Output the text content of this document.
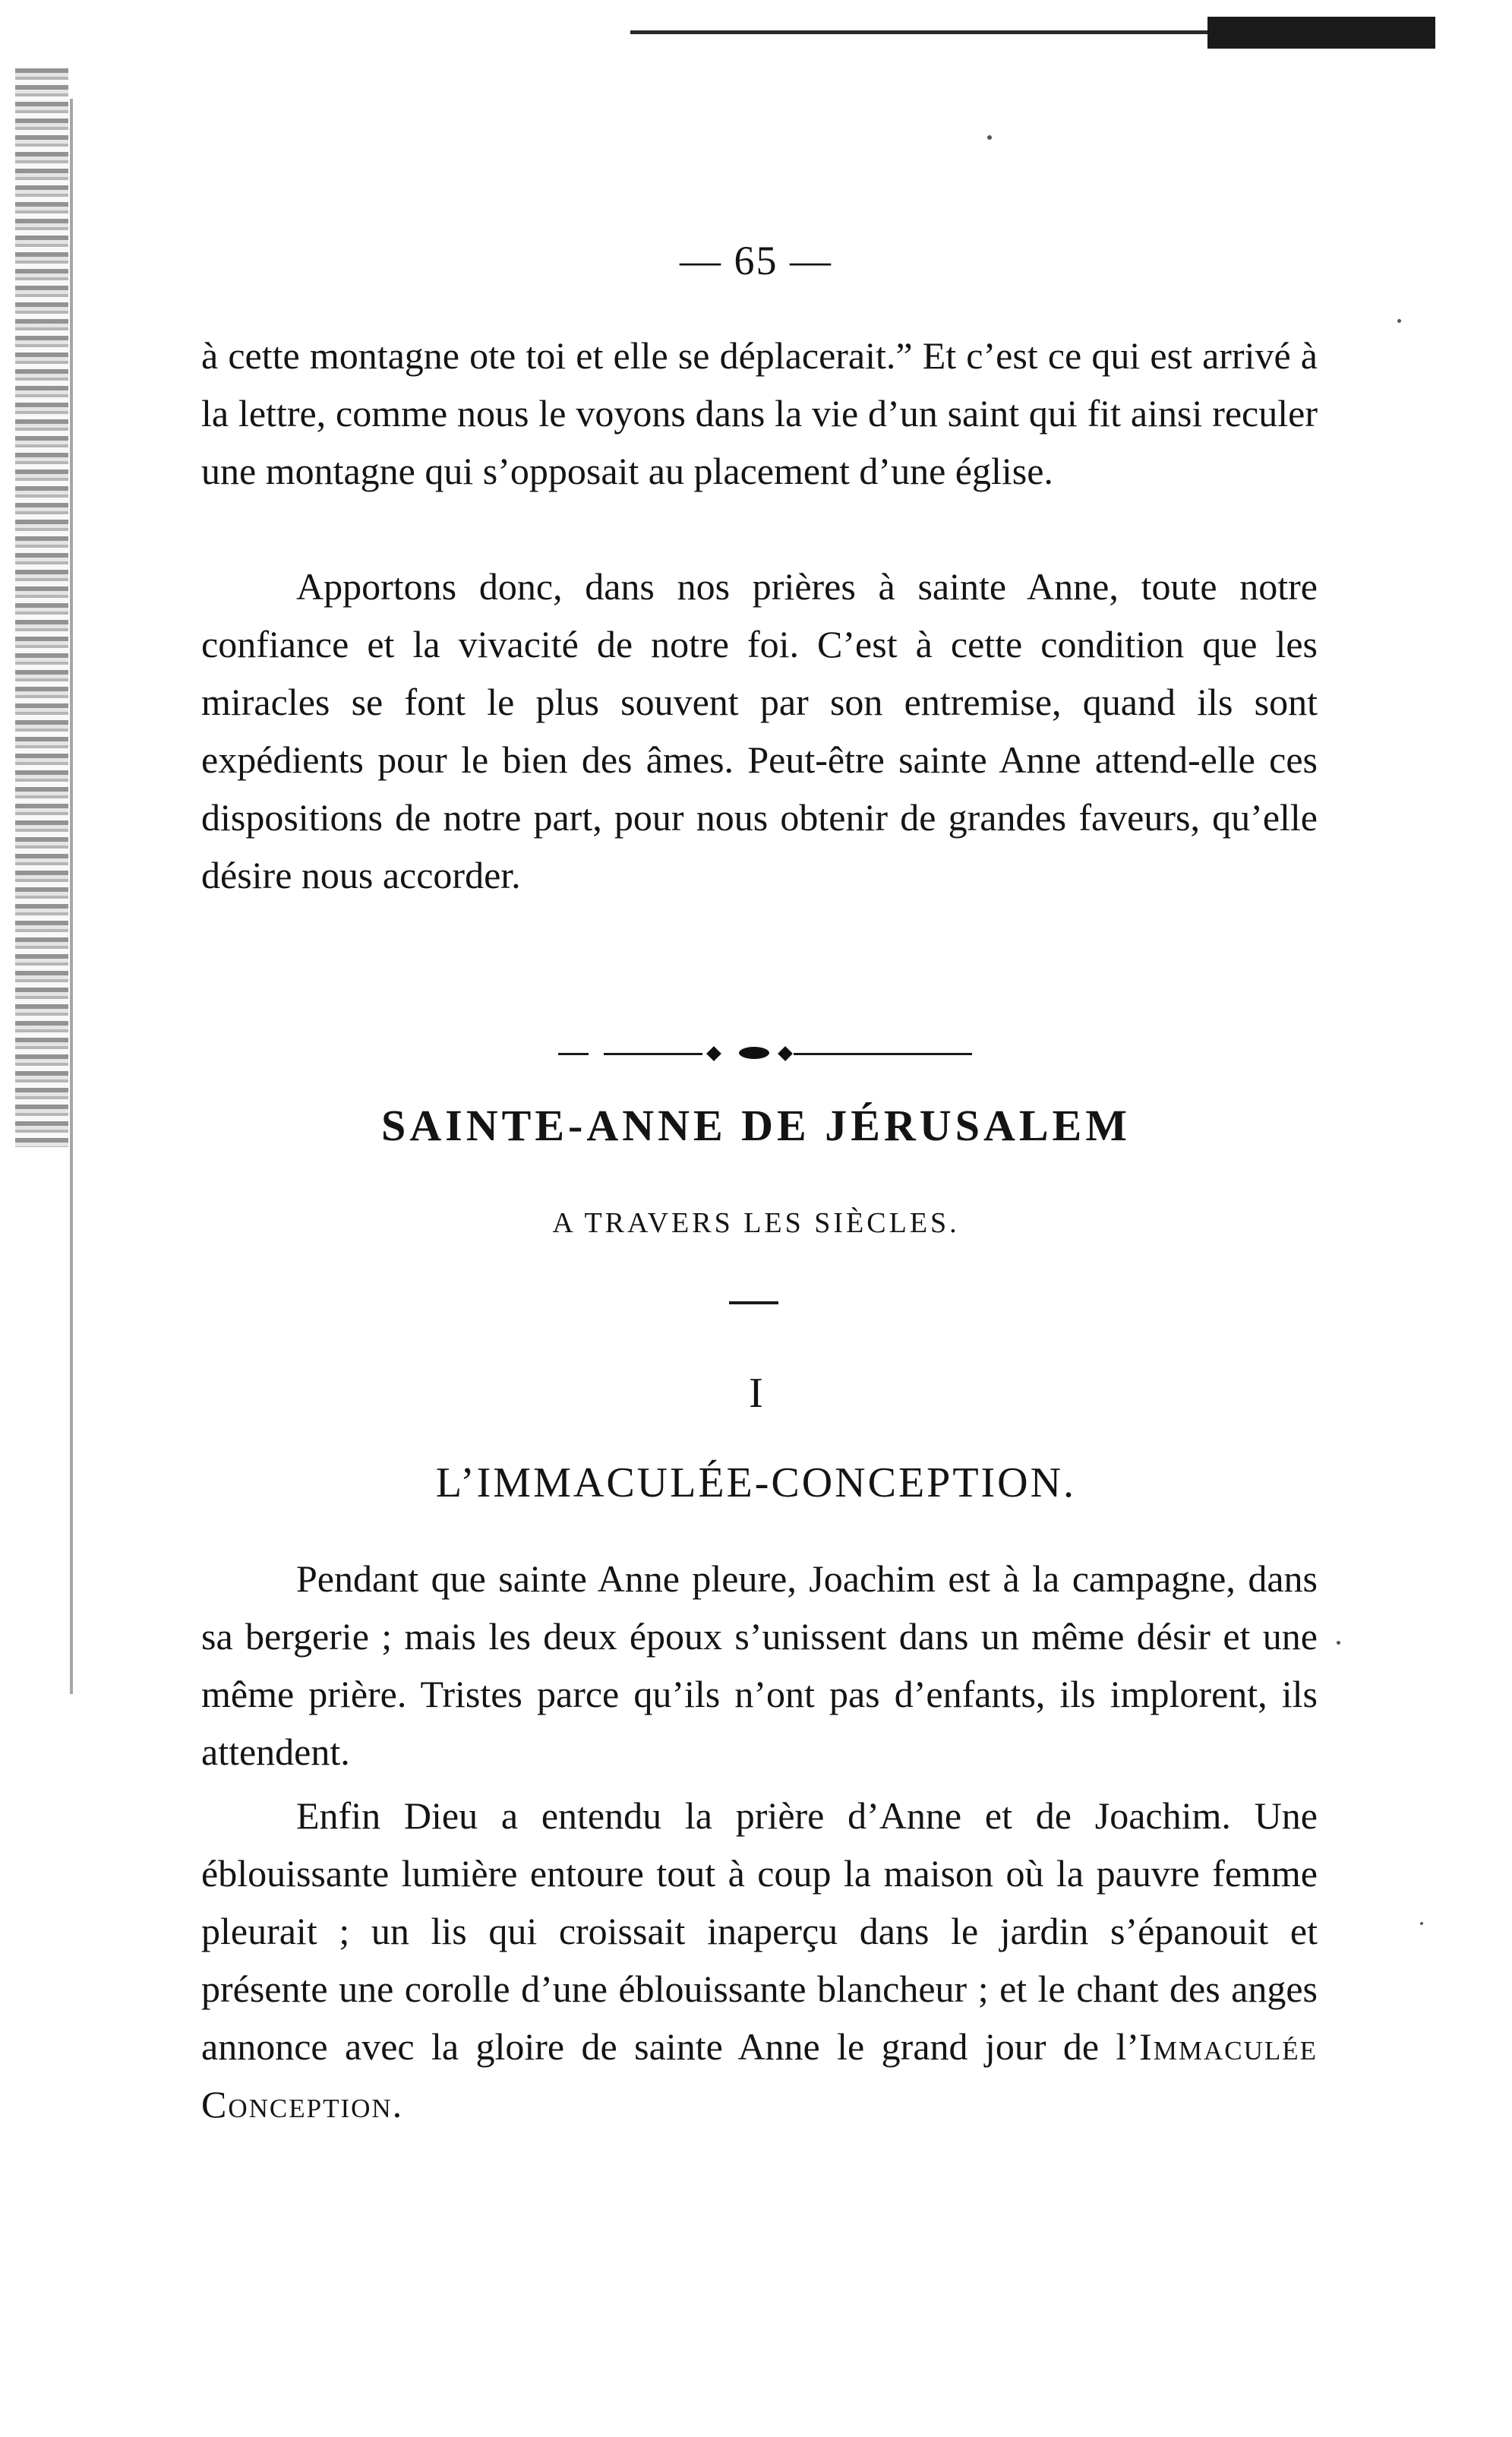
— 65 —

à cette montagne ote toi et elle se déplacerait.” Et c’est ce qui est arrivé à la lettre, comme nous le voyons dans la vie d’un saint qui fit ainsi reculer une montagne qui s’opposait au placement d’une église.

Apportons donc, dans nos prières à sainte Anne, toute notre confiance et la vivacité de notre foi. C’est à cette condition que les miracles se font le plus souvent par son entremise, quand ils sont expédients pour le bien des âmes. Peut-être sainte Anne attend-elle ces dispositions de notre part, pour nous obtenir de grandes faveurs, qu’elle désire nous accorder.

SAINTE-ANNE DE JÉRUSALEM

A TRAVERS LES SIÈCLES.

I

L’IMMACULÉE-CONCEPTION.

Pendant que sainte Anne pleure, Joachim est à la campagne, dans sa bergerie ; mais les deux époux s’unissent dans un même désir et une même prière. Tristes parce qu’ils n’ont pas d’enfants, ils implorent, ils attendent.

Enfin Dieu a entendu la prière d’Anne et de Joachim. Une éblouissante lumière entoure tout à coup la maison où la pauvre femme pleurait ; un lis qui croissait inaperçu dans le jardin s’épanouit et présente une corolle d’une éblouissante blancheur ; et le chant des anges annonce avec la gloire de sainte Anne le grand jour de l’Immaculée Conception.
